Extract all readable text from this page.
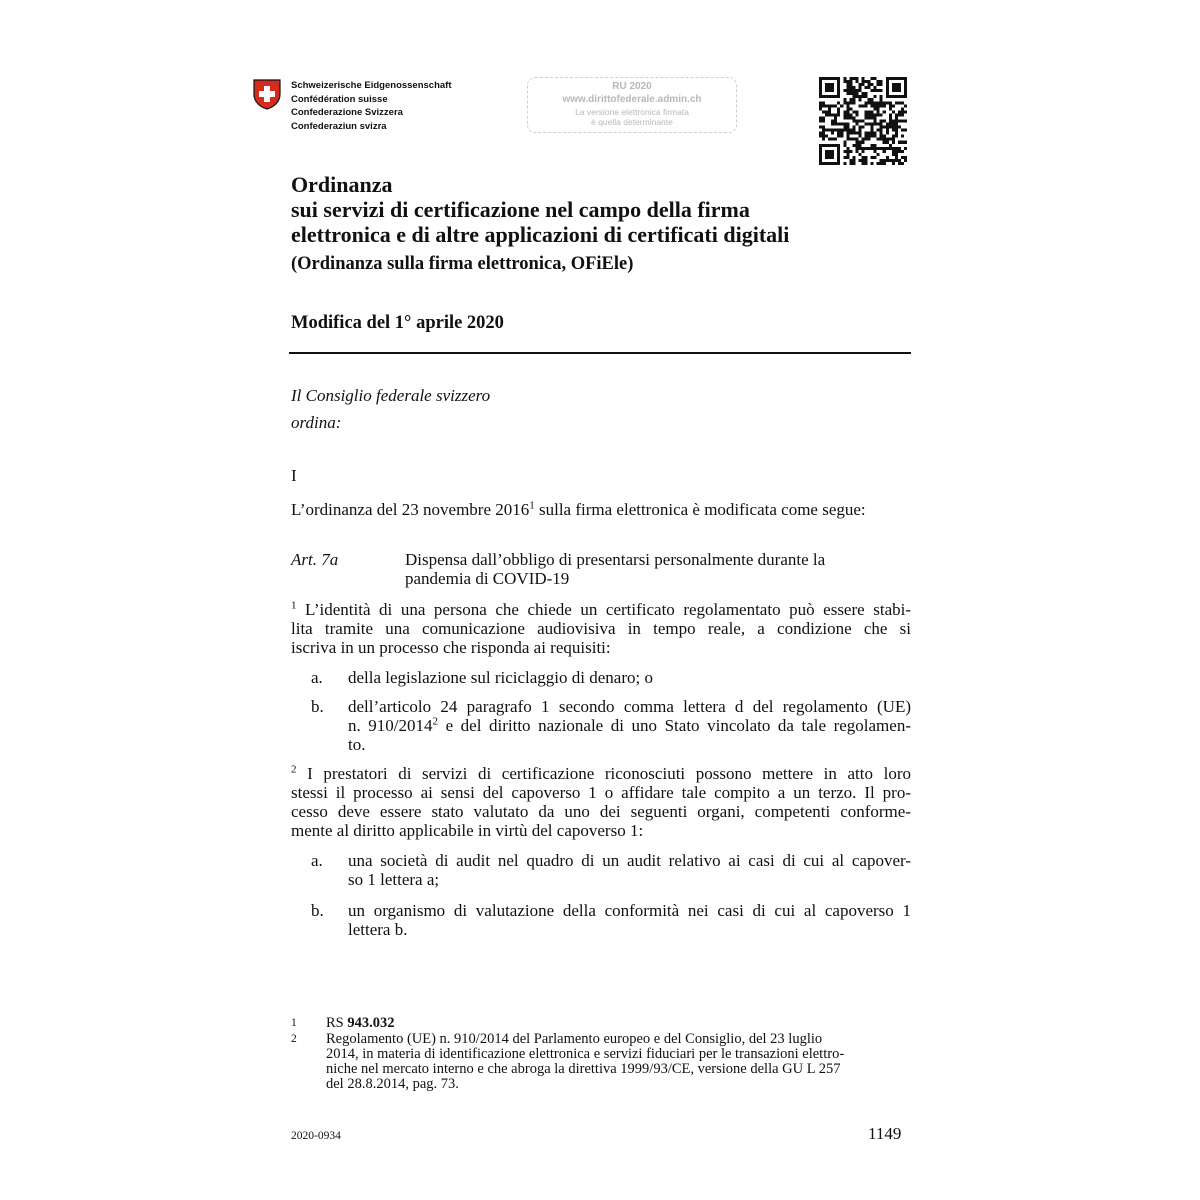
Schweizerische Eidgenossenschaft
Confédération suisse
Confederazione Svizzera
Confederaziun svizra
RU 2020
www.dirittofederale.admin.ch
La versione elettronica firmata
è quella determinante
Ordinanza
sui servizi di certificazione nel campo della firma
elettronica e di altre applicazioni di certificati digitali
(Ordinanza sulla firma elettronica, OFiEle)
Modifica del 1° aprile 2020
Il Consiglio federale svizzero
ordina:
I
L’ordinanza del 23 novembre 2016$^1$ sulla firma elettronica è modificata come segue:
Art. 7a	Dispensa dall’obbligo di presentarsi personalmente durante la
pandemia di COVID-19
$^1$ L’identità di una persona che chiede un certificato regolamentato può essere stabi-
lita tramite una comunicazione audiovisiva in tempo reale, a condizione che si
iscriva in un processo che risponda ai requisiti:
a. della legislazione sul riciclaggio di denaro; o
b. dell’articolo 24 paragrafo 1 secondo comma lettera d del regolamento (UE)
n. 910/2014$^2$ e del diritto nazionale di uno Stato vincolato da tale regolamen-
to.
$^2$ I prestatori di servizi di certificazione riconosciuti possono mettere in atto loro
stessi il processo ai sensi del capoverso 1 o affidare tale compito a un terzo. Il pro-
cesso deve essere stato valutato da uno dei seguenti organi, competenti conforme-
mente al diritto applicabile in virtù del capoverso 1:
a. una società di audit nel quadro di un audit relativo ai casi di cui al capover-
so 1 lettera a;
b. un organismo di valutazione della conformità nei casi di cui al capoverso 1
lettera b.
1 RS 943.032
2 Regolamento (UE) n. 910/2014 del Parlamento europeo e del Consiglio, del 23 luglio
2014, in materia di identificazione elettronica e servizi fiduciari per le transazioni elettro-
niche nel mercato interno e che abroga la direttiva 1999/93/CE, versione della GU L 257
del 28.8.2014, pag. 73.
2020-0934	1149
